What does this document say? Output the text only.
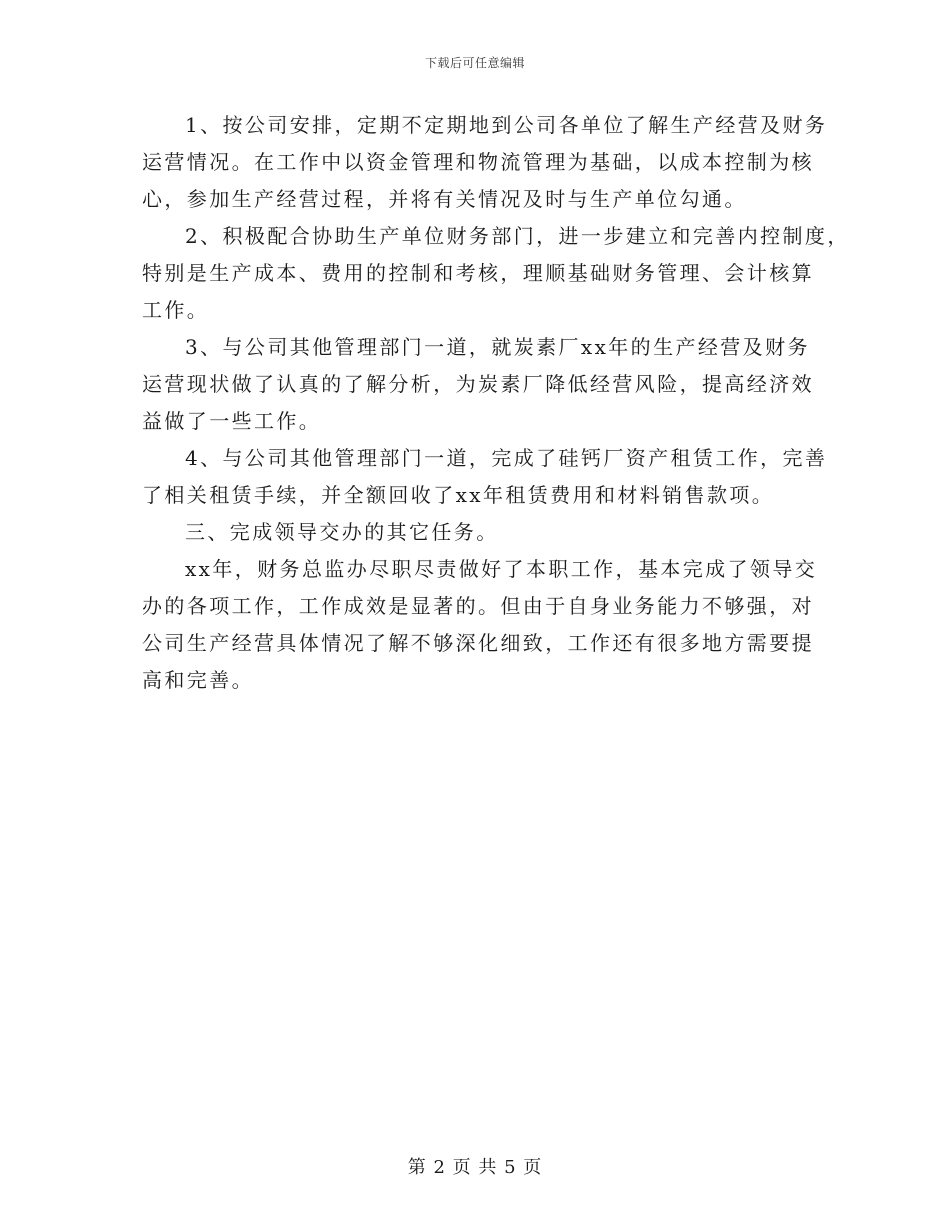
下载后可任意编辑
1、按公司安排，定期不定期地到公司各单位了解生产经营及财务
运营情况。在工作中以资金管理和物流管理为基础，以成本控制为核
心，参加生产经营过程，并将有关情况及时与生产单位勾通。
2、积极配合协助生产单位财务部门，进一步建立和完善内控制度，
特别是生产成本、费用的控制和考核，理顺基础财务管理、会计核算
工作。
3、与公司其他管理部门一道，就炭素厂xx年的生产经营及财务
运营现状做了认真的了解分析，为炭素厂降低经营风险，提高经济效
益做了一些工作。
4、与公司其他管理部门一道，完成了硅钙厂资产租赁工作，完善
了相关租赁手续，并全额回收了xx年租赁费用和材料销售款项。
三、完成领导交办的其它任务。
xx年，财务总监办尽职尽责做好了本职工作，基本完成了领导交
办的各项工作，工作成效是显著的。但由于自身业务能力不够强，对
公司生产经营具体情况了解不够深化细致，工作还有很多地方需要提
高和完善。
第 2 页 共 5 页
